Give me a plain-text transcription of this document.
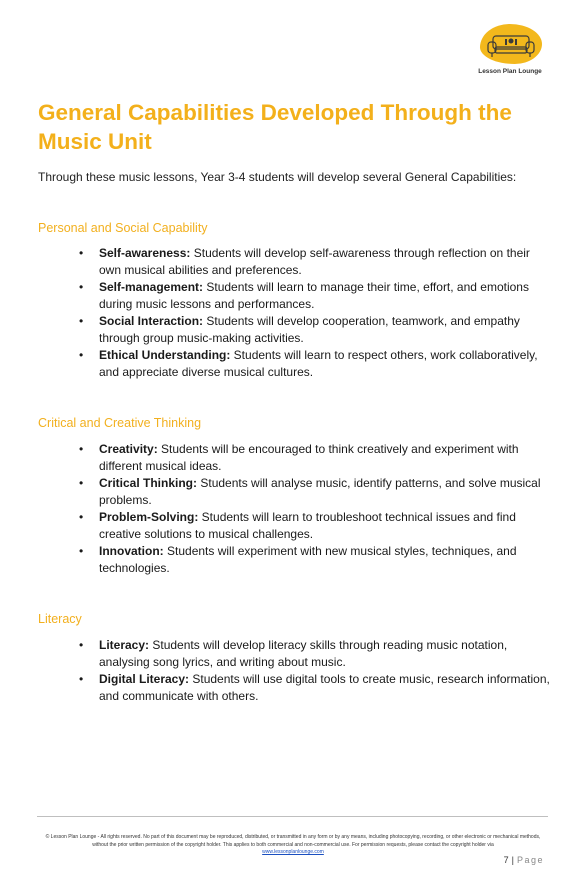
Lesson Plan Lounge
General Capabilities Developed Through the Music Unit

Through these music lessons, Year 3-4 students will develop several General Capabilities:

Personal and Social Capability
• Self-awareness: Students will develop self-awareness through reflection on their own musical abilities and preferences.
• Self-management: Students will learn to manage their time, effort, and emotions during music lessons and performances.
• Social Interaction: Students will develop cooperation, teamwork, and empathy through group music-making activities.
• Ethical Understanding: Students will learn to respect others, work collaboratively, and appreciate diverse musical cultures.
Critical and Creative Thinking
• Creativity: Students will be encouraged to think creatively and experiment with different musical ideas.
• Critical Thinking: Students will analyse music, identify patterns, and solve musical problems.
• Problem-Solving: Students will learn to troubleshoot technical issues and find creative solutions to musical challenges.
• Innovation: Students will experiment with new musical styles, techniques, and technologies.
Literacy
• Literacy: Students will develop literacy skills through reading music notation, analysing song lyrics, and writing about music.
• Digital Literacy: Students will use digital tools to create music, research information, and communicate with others.

© Lesson Plan Lounge - All rights reserved. No part of this document may be reproduced, distributed, or transmitted in any form or by any means, including photocopying, recording, or other electronic or mechanical methods, without the prior written permission of the copyright holder. This applies to both commercial and non-commercial use. For permission requests, please contact the copyright holder via
www.lessonplanlounge.com

7 | Page
